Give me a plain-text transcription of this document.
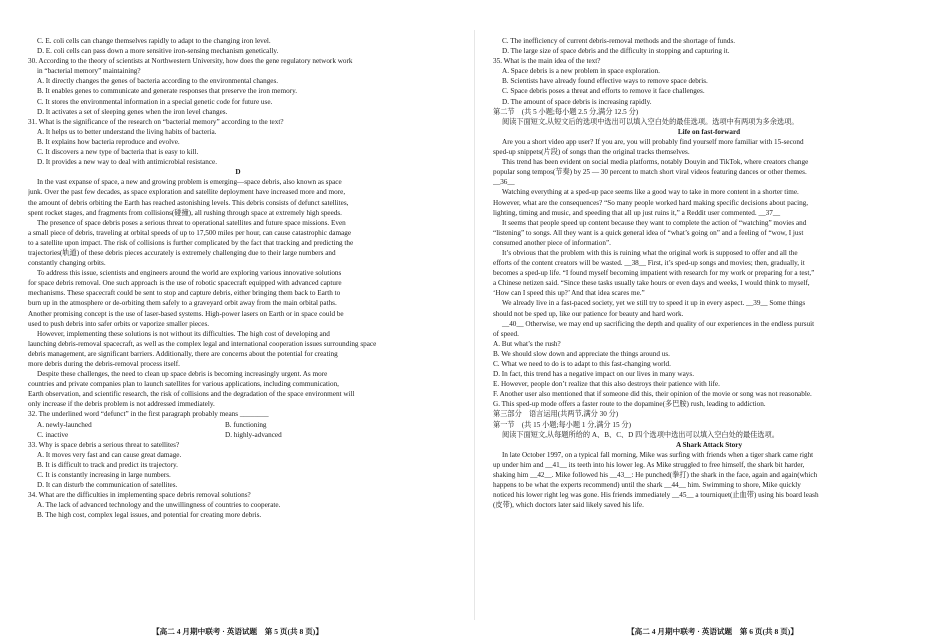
C. E. coli cells can change themselves rapidly to adapt to the changing iron level.
D. E. coli cells can pass down a more sensitive iron-sensing mechanism genetically.
30. According to the theory of scientists at Northwestern University, how does the gene regulatory network work
in “bacterial memory” maintaining?
A. It directly changes the genes of bacteria according to the environmental changes.
B. It enables genes to communicate and generate responses that preserve the iron memory.
C. It stores the environmental information in a special genetic code for future use.
D. It activates a set of sleeping genes when the iron level changes.
31. What is the significance of the research on “bacterial memory” according to the text?
A. It helps us to better understand the living habits of bacteria.
B. It explains how bacteria reproduce and evolve.
C. It discovers a new type of bacteria that is easy to kill.
D. It provides a new way to deal with antimicrobial resistance.
D
In the vast expanse of space, a new and growing problem is emerging—space debris, also known as space
junk. Over the past few decades, as space exploration and satellite deployment have increased more and more,
the amount of debris orbiting the Earth has reached astonishing levels. This debris consists of defunct satellites,
spent rocket stages, and fragments from collisions(碰撞), all rushing through space at extremely high speeds.
The presence of space debris poses a serious threat to operational satellites and future space missions. Even
a small piece of debris, traveling at orbital speeds of up to 17,500 miles per hour, can cause catastrophic damage
to a satellite upon impact. The risk of collisions is further complicated by the fact that tracking and predicting the
trajectories(轨道) of these debris pieces accurately is extremely challenging due to their large numbers and
constantly changing orbits.
To address this issue, scientists and engineers around the world are exploring various innovative solutions
for space debris removal. One such approach is the use of robotic spacecraft equipped with advanced capture
mechanisms. These spacecraft could be sent to stop and capture debris, either bringing them back to Earth to
burn up in the atmosphere or de-orbiting them safely to a graveyard orbit away from the main orbital paths.
Another promising concept is the use of laser-based systems. High-power lasers on Earth or in space could be
used to push debris into safer orbits or vaporize smaller pieces.
However, implementing these solutions is not without its difficulties. The high cost of developing and
launching debris-removal spacecraft, as well as the complex legal and international cooperation issues surrounding space
debris management, are significant barriers. Additionally, there are concerns about the potential for creating
more debris during the debris-removal process itself.
Despite these challenges, the need to clean up space debris is becoming increasingly urgent. As more
countries and private companies plan to launch satellites for various applications, including communication,
Earth observation, and scientific research, the risk of collisions and the degradation of the space environment will
only increase if the debris problem is not addressed immediately.
32. The underlined word “defunct” in the first paragraph probably means ________
A. newly-launched	B. functioning
C. inactive	D. highly-advanced
33. Why is space debris a serious threat to satellites?
A. It moves very fast and can cause great damage.
B. It is difficult to track and predict its trajectory.
C. It is constantly increasing in large numbers.
D. It can disturb the communication of satellites.
34. What are the difficulties in implementing space debris removal solutions?
A. The lack of advanced technology and the unwillingness of countries to cooperate.
B. The high cost, complex legal issues, and potential for creating more debris.
【高二 4 月期中联考 · 英语试题　第 5 页(共 8 页)】
C. The inefficiency of current debris-removal methods and the shortage of funds.
D. The large size of space debris and the difficulty in stopping and capturing it.
35. What is the main idea of the text?
A. Space debris is a new problem in space exploration.
B. Scientists have already found effective ways to remove space debris.
C. Space debris poses a threat and efforts to remove it face challenges.
D. The amount of space debris is increasing rapidly.
第二节　(共 5 小题;每小题 2.5 分,满分 12.5 分)
阅读下面短文,从短文后的选项中选出可以填入空白处的最佳选项。选项中有两项为多余选项。
Life on fast-forward
Are you a short video app user? If you are, you will probably find yourself more familiar with 15-second
sped-up snippets(片段) of songs than the original tracks themselves.
This trend has been evident on social media platforms, notably Douyin and TikTok, where creators change
popular song tempos(节奏) by 25 — 30 percent to match short viral videos featuring dances or other themes.
__36__
Watching everything at a sped-up pace seems like a good way to take in more content in a shorter time.
However, what are the consequences? “So many people worked hard making specific decisions about pacing,
lighting, timing and music, and speeding that all up just ruins it,” a Reddit user commented. __37__
It seems that people speed up content because they want to complete the action of “watching” movies and
“listening” to songs. All they want is a quick general idea of “what’s going on” and a feeling of “wow, I just
consumed another piece of information”.
It’s obvious that the problem with this is ruining what the original work is supposed to offer and all the
efforts of the content creators will be wasted. __38__ First, it’s sped-up songs and movies; then, gradually, it
becomes a sped-up life. “I found myself becoming impatient with research for my work or preparing for a test,”
a Chinese netizen said. “Since these tasks usually take hours or even days and weeks, I would think to myself,
‘How can I speed this up?’ And that idea scares me.”
We already live in a fast-paced society, yet we still try to speed it up in every aspect. __39__ Some things
should not be sped up, like our patience for beauty and hard work.
__40__ Otherwise, we may end up sacrificing the depth and quality of our experiences in the endless pursuit
of speed.
A. But what’s the rush?
B. We should slow down and appreciate the things around us.
C. What we need to do is to adapt to this fast-changing world.
D. In fact, this trend has a negative impact on our lives in many ways.
E. However, people don’t realize that this also destroys their patience with life.
F. Another user also mentioned that if someone did this, their opinion of the movie or song was not reasonable.
G. This sped-up mode offers a faster route to the dopamine(多巴胺) rush, leading to addiction.
第三部分　语言运用(共两节,满分 30 分)
第一节　(共 15 小题;每小题 1 分,满分 15 分)
阅读下面短文,从每题所给的 A、B、C、D 四个选项中选出可以填入空白处的最佳选项。
A Shark Attack Story
In late October 1997, on a typical fall morning, Mike was surfing with friends when a tiger shark came right
up under him and __41__ its teeth into his lower leg. As Mike struggled to free himself, the shark bit harder,
shaking him __42__. Mike followed his __43__: He punched(拳打) the shark in the face, again and again(which
happens to be what the experts recommend) until the shark __44__ him. Swimming to shore, Mike quickly
noticed his lower right leg was gone. His friends immediately __45__ a tourniquet(止血带) using his board leash
(皮带), which doctors later said likely saved his life.
【高二 4 月期中联考 · 英语试题　第 6 页(共 8 页)】
